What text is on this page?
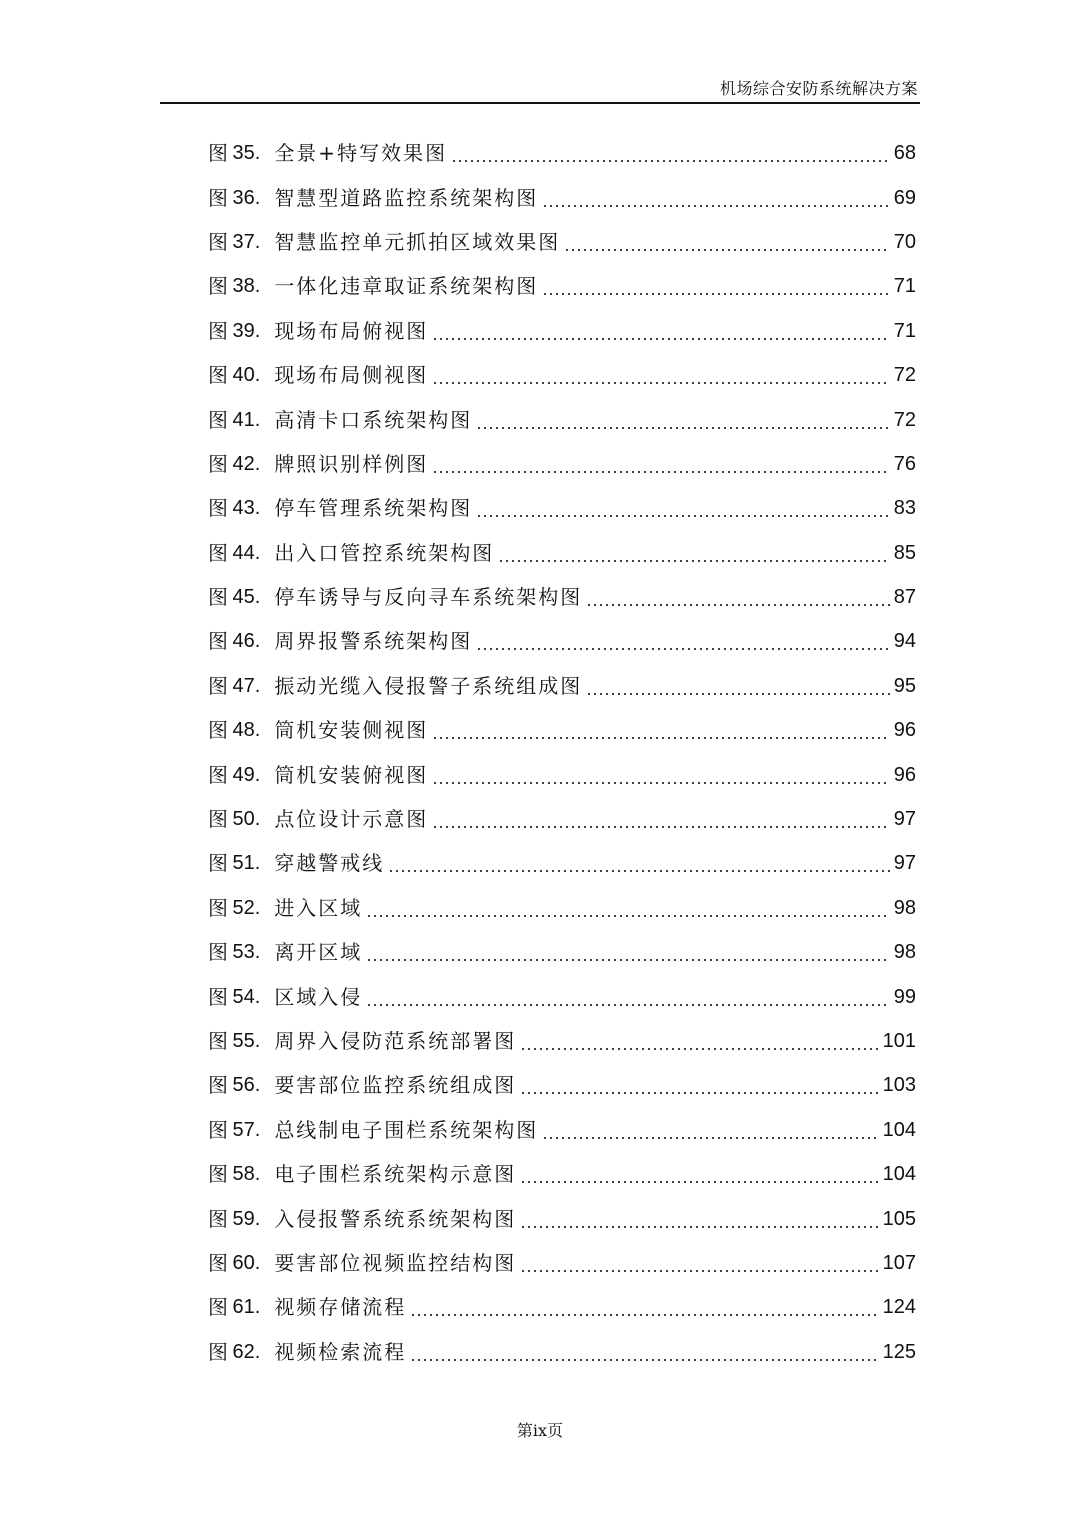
机场综合安防系统解决方案
图 35. 全景+特写效果图	68
图 36. 智慧型道路监控系统架构图	69
图 37. 智慧监控单元抓拍区域效果图	70
图 38. 一体化违章取证系统架构图	71
图 39. 现场布局俯视图	71
图 40. 现场布局侧视图	72
图 41. 高清卡口系统架构图	72
图 42. 牌照识别样例图	76
图 43. 停车管理系统架构图	83
图 44. 出入口管控系统架构图	85
图 45. 停车诱导与反向寻车系统架构图	87
图 46. 周界报警系统架构图	94
图 47. 振动光缆入侵报警子系统组成图	95
图 48. 筒机安装侧视图	96
图 49. 筒机安装俯视图	96
图 50. 点位设计示意图	97
图 51. 穿越警戒线	97
图 52. 进入区域	98
图 53. 离开区域	98
图 54. 区域入侵	99
图 55. 周界入侵防范系统部署图	101
图 56. 要害部位监控系统组成图	103
图 57. 总线制电子围栏系统架构图	104
图 58. 电子围栏系统架构示意图	104
图 59. 入侵报警系统系统架构图	105
图 60. 要害部位视频监控结构图	107
图 61. 视频存储流程	124
图 62. 视频检索流程	125
第ix页
